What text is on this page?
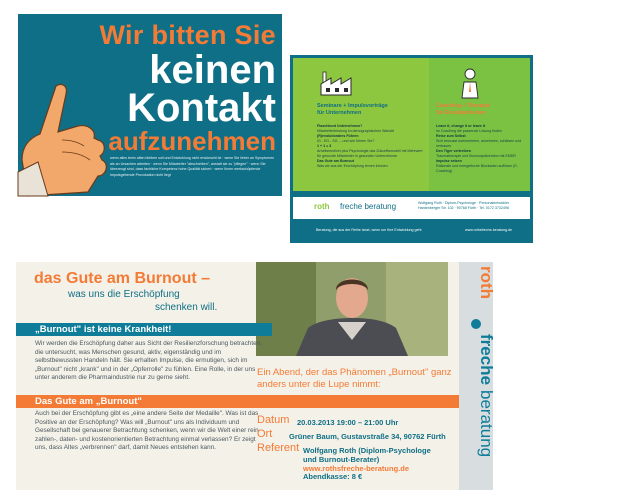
Wir bitten Sie
keinen
Kontakt
aufzunehmen
wenn alles beim alten bleiben soll und Entwicklung nicht erwünscht ist · wenn Sie lieber an Symptomen als an Ursachen arbeiten · wenn Sie Mitarbeiter "abschreiben", anstatt sie zu "pflegen" · wenn Sie überzeugt sind, dass fachliche Kompetenz hohe Qualität sichert · wenn Ihnen werkschöpfende Impulsgebende Provokation nicht liegt
Seminare + Impulsvorträge
für Unternehmen
Flaschkont Unternehmen?
Mitarbeiterbindung im demographischen Wandel
(R)evolutionäres Führen
IG - EG - SG ... und wie führen Sie?
1 + 1 = 3
Arbeitsmedizin plus Psychologie das Zukunftsmodell mit Mehrwert für gesunde Mitarbeiter in gesunden Unternehmen
Das Gute am Burnout
Was wir aus der Erschöpfung lernen können
Coaching + Therapie
für Einzelpersonen
Leave it, change it or leave it
im Coaching die passende Lösung finden
Reise zum Selbst
Sich bewusst wahrnehmen, annehmen, schätzen und vertrauen
Den Tiger vertreiben
Traumatherapie und Burnoutprävention mit EMDR
Impulse setzen
Rationale und energetische Blockaden auflösen (E-Coaching)
roth freche beratung	Wolfgang Roth · Diplom-Psychologe · Personalentwickler
Hardenberger Str. 102 · 90768 Fürth · Tel. 0172 3732498
Beratung, die aus der Reihe tanzt, wenn um Ihre Entwicklung geht	www.rothsfreche-beratung.de
das Gute am Burnout –
was uns die Erschöpfung
schenken will.
„Burnout" ist keine Krankheit!
Wir werden die Erschöpfung daher aus Sicht der Resilienzforschung betrachten, die untersucht, was Menschen gesund, aktiv, eigenständig und im selbstbewussten Handeln hält. Sie erhalten Impulse, die ermutigen, sich im „Burnout" nicht „krank" und in der „Opferrolle" zu fühlen. Eine Rolle, in der uns unter anderem die Pharmaindustrie nur zu gerne sieht.
Das Gute am „Burnout"
Auch bei der Erschöpfung gibt es „eine andere Seite der Medaille". Was ist das Positive an der Erschöpfung? Was will „Burnout" uns als Individuum und Gesellschaft bei genauerer Betrachtung schenken, wenn wir die Welt einer rein zahlen-, daten- und kostenorientierten Betrachtung einmal verlassen? Er zeigt uns, dass Altes „verbrennen" darf, damit Neues entstehen kann.
Ein Abend, der das Phänomen „Burnout" ganz anders unter die Lupe nimmt:
Datum 20.03.2013 19:00 – 21:00 Uhr
Ort Grüner Baum, Gustavstraße 34, 90762 Fürth
Referent Wolfgang Roth (Diplom-Psychologe
und Burnout-Berater)
www.rothsfreche-beratung.de
Abendkasse: 8 €
roth
freche
beratung
